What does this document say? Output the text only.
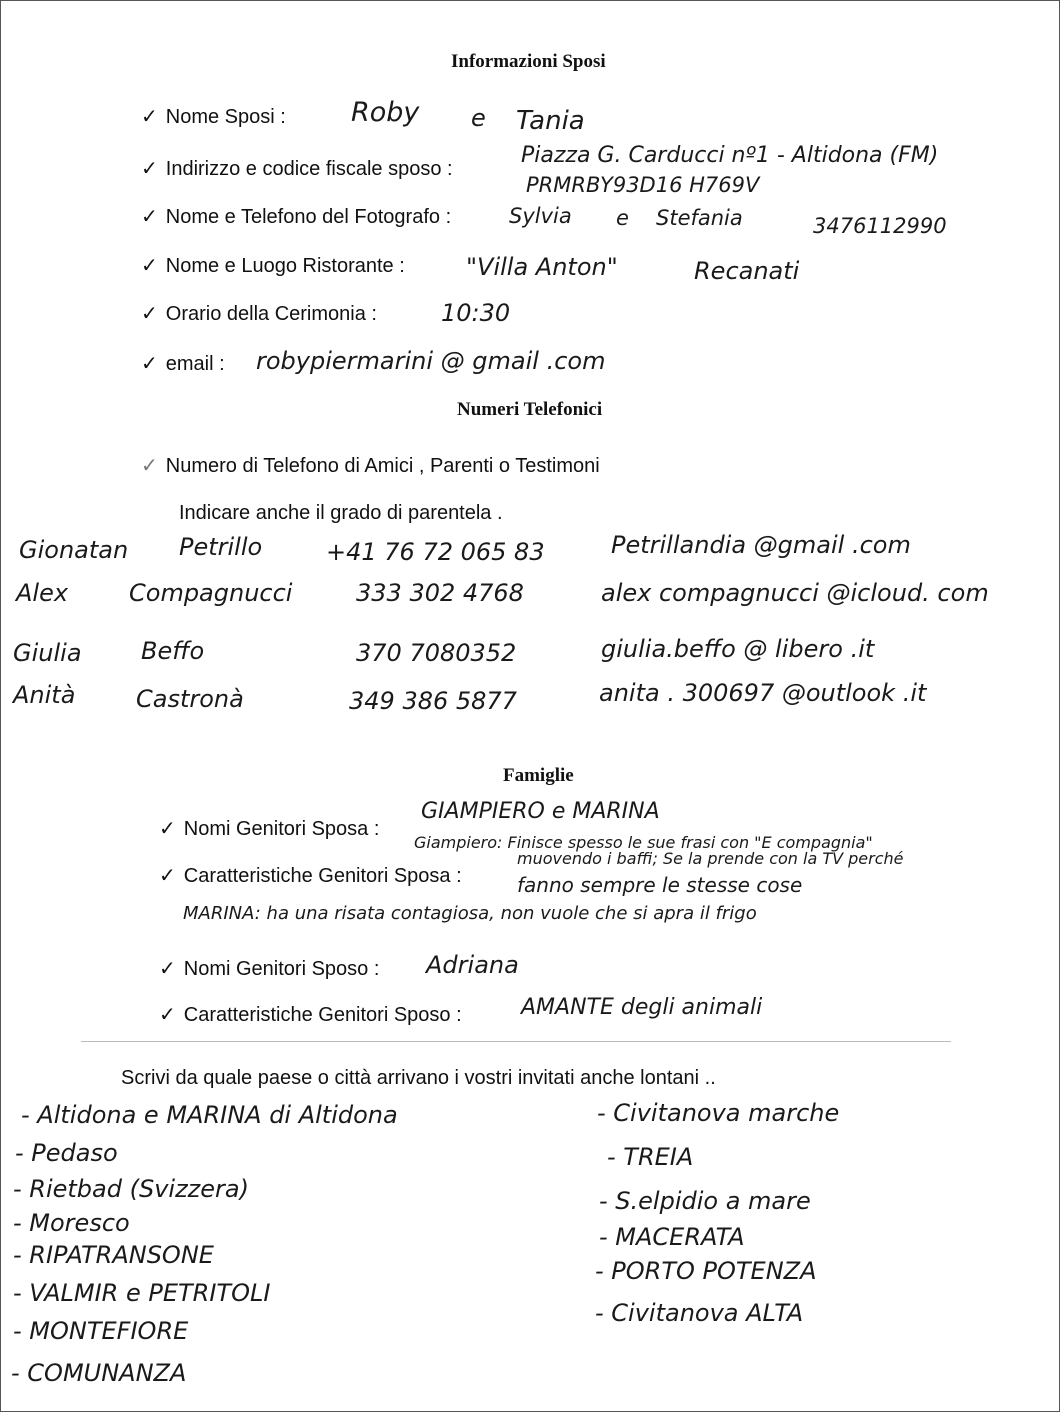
Informazioni Sposi
✓ Nome Sposi : Roby e Tania
✓ Indirizzo e codice fiscale sposo :
Piazza G. Carducci nº1 - Altidona (FM)
PRMRBY93D16 H769V
✓ Nome e Telefono del Fotografo :	Sylvia e Stefania	3476112990
✓ Nome e Luogo Ristorante :	"Villa Anton"	Recanati
✓ Orario della Cerimonia :	10:30
✓ email : robypiermarini @ gmail .com
Numeri Telefonici
✓ Numero di Telefono di Amici , Parenti o Testimoni
Indicare anche il grado di parentela .
Gionatan Petrillo	+41 76 72 065 83	Petrillandia @gmail .com
Alex	Compagnucci	333 302 4768	alex compagnucci @icloud. com
Giulia Beffo	370 7080352	giulia.beffo @ libero .it
Anità	Castronà	349 386 5877	anita . 300697 @outlook .it
Famiglie
✓ Nomi Genitori Sposa :
GIAMPIERO e MARINA
Giampiero: Finisce spesso le sue frasi con "E compagnia"
✓ Caratteristiche Genitori Sposa :
muovendo i baffi; Se la prende con la TV perché
fanno sempre le stesse cose
MARINA: ha una risata contagiosa, non vuole che si apra il frigo
✓ Nomi Genitori Sposo : Adriana
✓ Caratteristiche Genitori Sposo :	AMANTE degli animali
Scrivi da quale paese o città arrivano i vostri invitati anche lontani ..
- Altidona e MARINA di Altidona
- Pedaso
- Rietbad (Svizzera)
- Moresco
- RIPATRANSONE
- VALMIR e PETRITOLI
- MONTEFIORE
- COMUNANZA
- Civitanova marche
- TREIA
- S.elpidio a mare
- MACERATA
- PORTO POTENZA
- Civitanova ALTA
